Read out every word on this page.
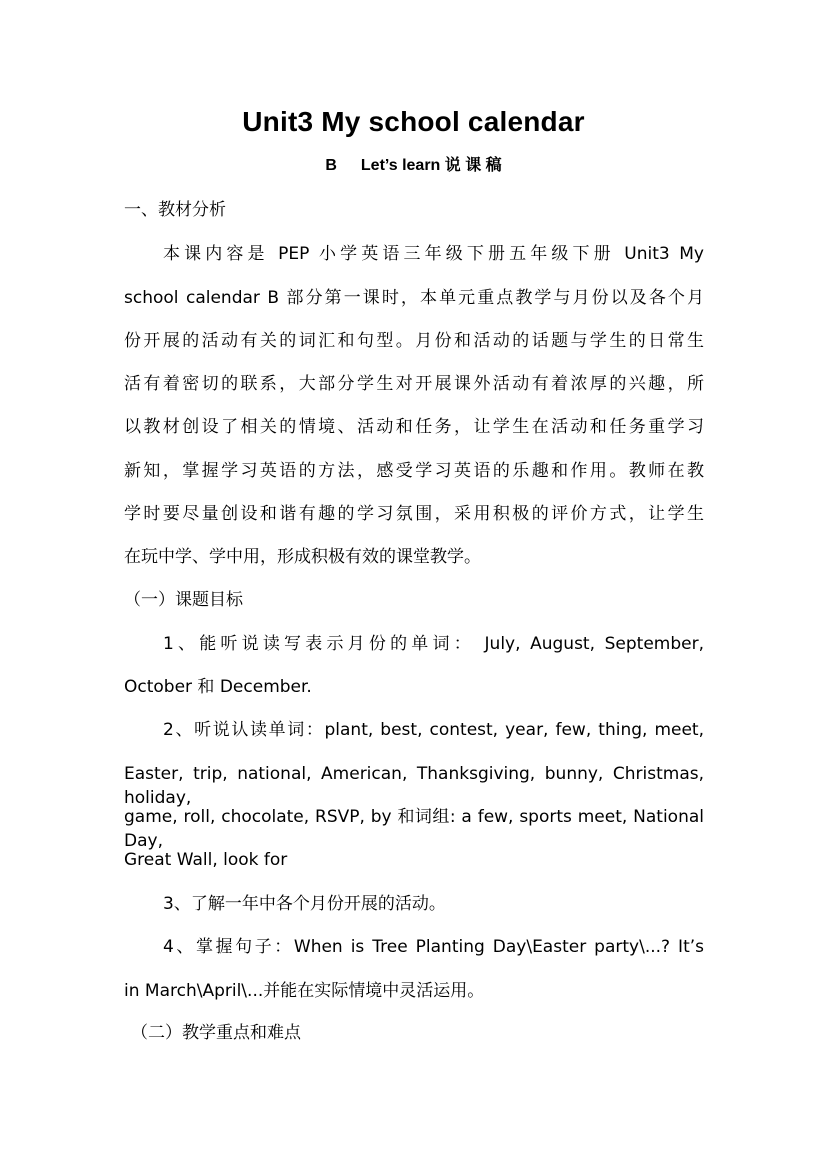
Unit3 My school calendar
B Let’s learn 说 课 稿
一、教材分析
本课内容是 PEP 小学英语三年级下册五年级下册 Unit3 My
school calendar B 部分第一课时，本单元重点教学与月份以及各个月
份开展的活动有关的词汇和句型。月份和活动的话题与学生的日常生
活有着密切的联系，大部分学生对开展课外活动有着浓厚的兴趣，所
以教材创设了相关的情境、活动和任务，让学生在活动和任务重学习
新知，掌握学习英语的方法，感受学习英语的乐趣和作用。教师在教
学时要尽量创设和谐有趣的学习氛围，采用积极的评价方式，让学生
在玩中学、学中用，形成积极有效的课堂教学。
（一）课题目标
1、能听说读写表示月份的单词： July, August, September,
October 和 December.
2、听说认读单词：plant, best, contest, year, few, thing, meet,
Easter, trip, national, American, Thanksgiving, bunny, Christmas, holiday,
game, roll, chocolate, RSVP, by 和词组: a few, sports meet, National Day,
Great Wall, look for
3、了解一年中各个月份开展的活动。
4、掌握句子：When is Tree Planting Day\Easter party\...? It’s
in March\April\...并能在实际情境中灵活运用。
（二）教学重点和难点
